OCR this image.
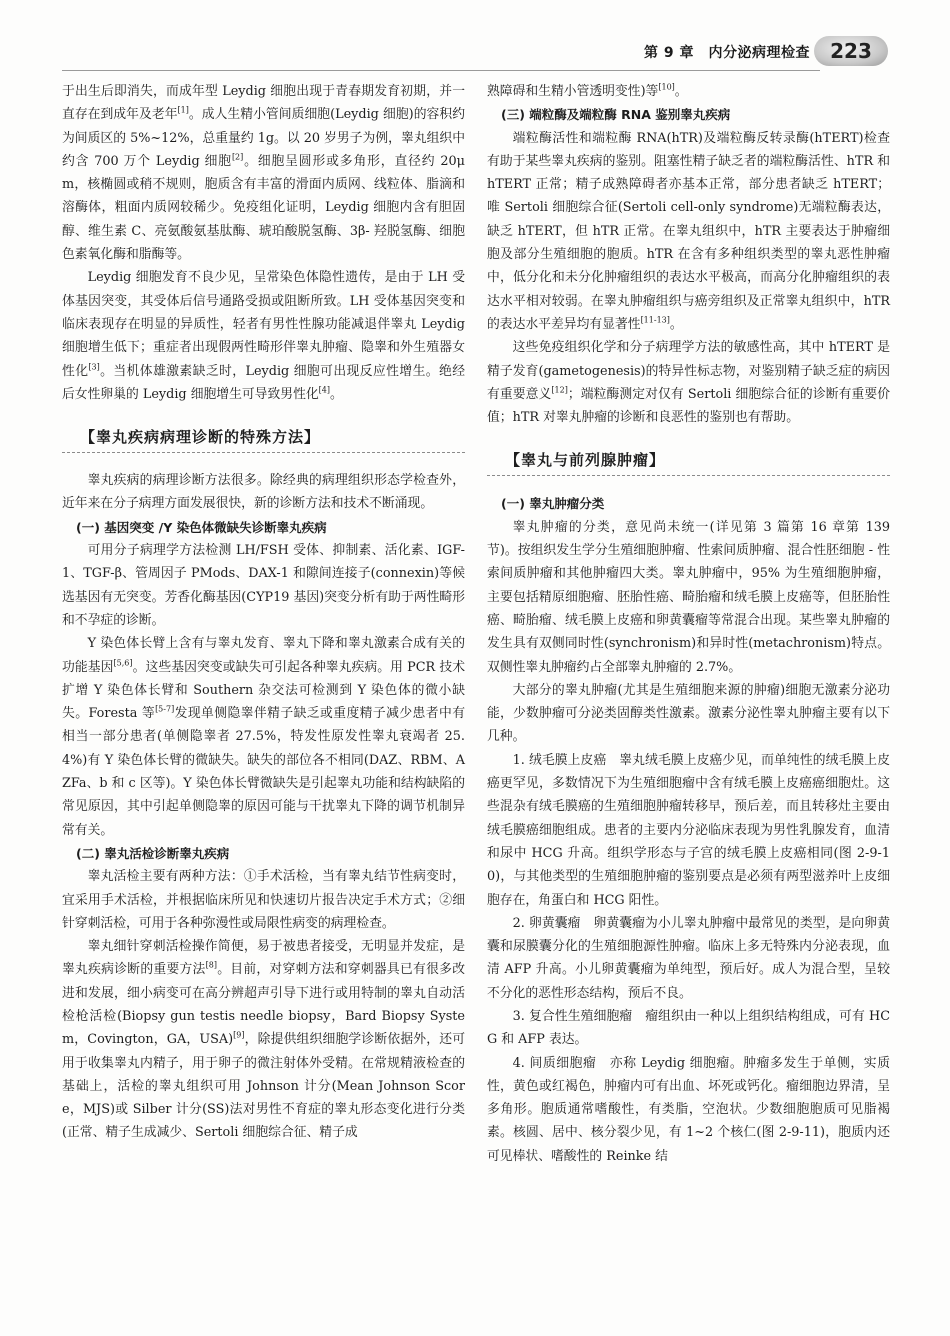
第 9 章　内分泌病理检查	223

于出生后即消失，而成年型 Leydig 细胞出现于青春期发育初期，并一直存在到成年及老年[1]。成人生精小管间质细胞(Leydig 细胞)的容积约为间质区的 5%~12%，总重量约 1g。以 20 岁男子为例，睾丸组织中约含 700 万个 Leydig 细胞[2]。细胞呈圆形或多角形，直径约 20μm，核椭圆或稍不规则，胞质含有丰富的滑面内质网、线粒体、脂滴和溶酶体，粗面内质网较稀少。免疫组化证明，Leydig 细胞内含有胆固醇、维生素 C、亮氨酸氨基肽酶、琥珀酸脱氢酶、3β- 羟脱氢酶、细胞色素氧化酶和脂酶等。

Leydig 细胞发育不良少见，呈常染色体隐性遗传，是由于 LH 受体基因突变，其受体后信号通路受损或阻断所致。LH 受体基因突变和临床表现存在明显的异质性，轻者有男性性腺功能减退伴睾丸 Leydig 细胞增生低下；重症者出现假两性畸形伴睾丸肿瘤、隐睾和外生殖器女性化[3]。当机体雄激素缺乏时，Leydig 细胞可出现反应性增生。绝经后女性卵巢的 Leydig 细胞增生可导致男性化[4]。

【睾丸疾病病理诊断的特殊方法】

睾丸疾病的病理诊断方法很多。除经典的病理组织形态学检查外，近年来在分子病理方面发展很快，新的诊断方法和技术不断涌现。

(一) 基因突变 /Y 染色体微缺失诊断睾丸疾病

可用分子病理学方法检测 LH/FSH 受体、抑制素、活化素、IGF-1、TGF-β、管周因子 PMods、DAX-1 和隙间连接子(connexin)等候选基因有无突变。芳香化酶基因(CYP19 基因)突变分析有助于两性畸形和不孕症的诊断。

Y 染色体长臂上含有与睾丸发育、睾丸下降和睾丸激素合成有关的功能基因[5,6]。这些基因突变或缺失可引起各种睾丸疾病。用 PCR 技术扩增 Y 染色体长臂和 Southern 杂交法可检测到 Y 染色体的微小缺失。Foresta 等[5-7]发现单侧隐睾伴精子缺乏或重度精子减少患者中有相当一部分患者(单侧隐睾者 27.5%，特发性原发性睾丸衰竭者 25.4%)有 Y 染色体长臂的微缺失。缺失的部位各不相同(DAZ、RBM、AZFa、b 和 c 区等)。Y 染色体长臂微缺失是引起睾丸功能和结构缺陷的常见原因，其中引起单侧隐睾的原因可能与干扰睾丸下降的调节机制异常有关。

(二) 睾丸活检诊断睾丸疾病

睾丸活检主要有两种方法：①手术活检，当有睾丸结节性病变时，宜采用手术活检，并根据临床所见和快速切片报告决定手术方式；②细针穿刺活检，可用于各种弥漫性或局限性病变的病理检查。

睾丸细针穿刺活检操作简便，易于被患者接受，无明显并发症，是睾丸疾病诊断的重要方法[8]。目前，对穿刺方法和穿刺器具已有很多改进和发展，细小病变可在高分辨超声引导下进行或用特制的睾丸自动活检枪活检(Biopsy gun testis needle biopsy，Bard Biopsy System，Covington，GA，USA)[9]，除提供组织细胞学诊断依据外，还可用于收集睾丸内精子，用于卵子的微注射体外受精。在常规精液检查的基础上，活检的睾丸组织可用 Johnson 计分(Mean Johnson Score，MJS)或 Silber 计分(SS)法对男性不育症的睾丸形态变化进行分类(正常、精子生成减少、Sertoli 细胞综合征、精子成

熟障碍和生精小管透明变性)等[10]。

(三) 端粒酶及端粒酶 RNA 鉴别睾丸疾病

端粒酶活性和端粒酶 RNA(hTR)及端粒酶反转录酶(hTERT)检查有助于某些睾丸疾病的鉴别。阻塞性精子缺乏者的端粒酶活性、hTR 和 hTERT 正常；精子成熟障碍者亦基本正常，部分患者缺乏 hTERT；唯 Sertoli 细胞综合征(Sertoli cell-only syndrome)无端粒酶表达，缺乏 hTERT，但 hTR 正常。在睾丸组织中，hTR 主要表达于肿瘤细胞及部分生殖细胞的胞质。hTR 在含有多种组织类型的睾丸恶性肿瘤中，低分化和未分化肿瘤组织的表达水平极高，而高分化肿瘤组织的表达水平相对较弱。在睾丸肿瘤组织与癌旁组织及正常睾丸组织中，hTR 的表达水平差异均有显著性[11-13]。

这些免疫组织化学和分子病理学方法的敏感性高，其中 hTERT 是精子发育(gametogenesis)的特异性标志物，对鉴别精子缺乏症的病因有重要意义[12]；端粒酶测定对仅有 Sertoli 细胞综合征的诊断有重要价值；hTR 对睾丸肿瘤的诊断和良恶性的鉴别也有帮助。

【睾丸与前列腺肿瘤】
(一) 睾丸肿瘤分类

睾丸肿瘤的分类，意见尚未统一(详见第 3 篇第 16 章第 139 节)。按组织发生学分生殖细胞肿瘤、性索间质肿瘤、混合性胚细胞 - 性索间质肿瘤和其他肿瘤四大类。睾丸肿瘤中，95% 为生殖细胞肿瘤，主要包括精原细胞瘤、胚胎性癌、畸胎瘤和绒毛膜上皮癌等，但胚胎性癌、畸胎瘤、绒毛膜上皮癌和卵黄囊瘤等常混合出现。某些睾丸肿瘤的发生具有双侧同时性(synchronism)和异时性(metachronism)特点。双侧性睾丸肿瘤约占全部睾丸肿瘤的 2.7%。

大部分的睾丸肿瘤(尤其是生殖细胞来源的肿瘤)细胞无激素分泌功能，少数肿瘤可分泌类固醇类性激素。激素分泌性睾丸肿瘤主要有以下几种。

1. 绒毛膜上皮癌　睾丸绒毛膜上皮癌少见，而单纯性的绒毛膜上皮癌更罕见，多数情况下为生殖细胞瘤中含有绒毛膜上皮癌癌细胞灶。这些混杂有绒毛膜癌的生殖细胞肿瘤转移早，预后差，而且转移灶主要由绒毛膜癌细胞组成。患者的主要内分泌临床表现为男性乳腺发育，血清和尿中 HCG 升高。组织学形态与子宫的绒毛膜上皮癌相同(图 2-9-10)，与其他类型的生殖细胞肿瘤的鉴别要点是必须有两型滋养叶上皮细胞存在，角蛋白和 HCG 阳性。

2. 卵黄囊瘤　卵黄囊瘤为小儿睾丸肿瘤中最常见的类型，是向卵黄囊和尿膜囊分化的生殖细胞源性肿瘤。临床上多无特殊内分泌表现，血清 AFP 升高。小儿卵黄囊瘤为单纯型，预后好。成人为混合型，呈较不分化的恶性形态结构，预后不良。

3. 复合性生殖细胞瘤　瘤组织由一种以上组织结构组成，可有 HCG 和 AFP 表达。

4. 间质细胞瘤　亦称 Leydig 细胞瘤。肿瘤多发生于单侧，实质性，黄色或红褐色，肿瘤内可有出血、坏死或钙化。瘤细胞边界清，呈多角形。胞质通常嗜酸性，有类脂，空泡状。少数细胞胞质可见脂褐素。核圆、居中、核分裂少见，有 1~2 个核仁(图 2-9-11)，胞质内还可见棒状、嗜酸性的 Reinke 结
